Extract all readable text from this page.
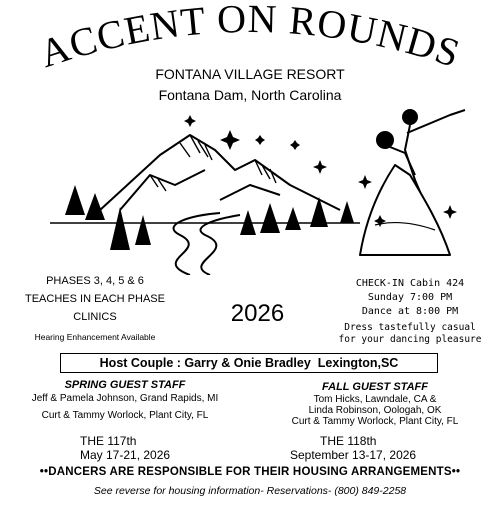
ACCENT ON ROUNDS
FONTANA VILLAGE RESORT
Fontana Dam, North Carolina
PHASES 3, 4, 5 & 6
TEACHES IN EACH PHASE
CLINICS
Hearing Enhancement Available
2026
CHECK-IN Cabin 424
Sunday 7:00 PM
Dance at 8:00 PM
Dress tastefully casual
for your dancing pleasure
Host Couple : Garry & Onie Bradley Lexington,SC
SPRING GUEST STAFF
Jeff & Pamela Johnson, Grand Rapids, MI
Curt & Tammy Worlock, Plant City, FL
THE 117th
May 17-21, 2026
FALL GUEST STAFF
Tom Hicks, Lawndale, CA &
Linda Robinson, Oologah, OK
Curt & Tammy Worlock, Plant City, FL
THE 118th
September 13-17, 2026
••DANCERS ARE RESPONSIBLE FOR THEIR HOUSING ARRANGEMENTS••
See reverse for housing information- Reservations- (800) 849-2258
